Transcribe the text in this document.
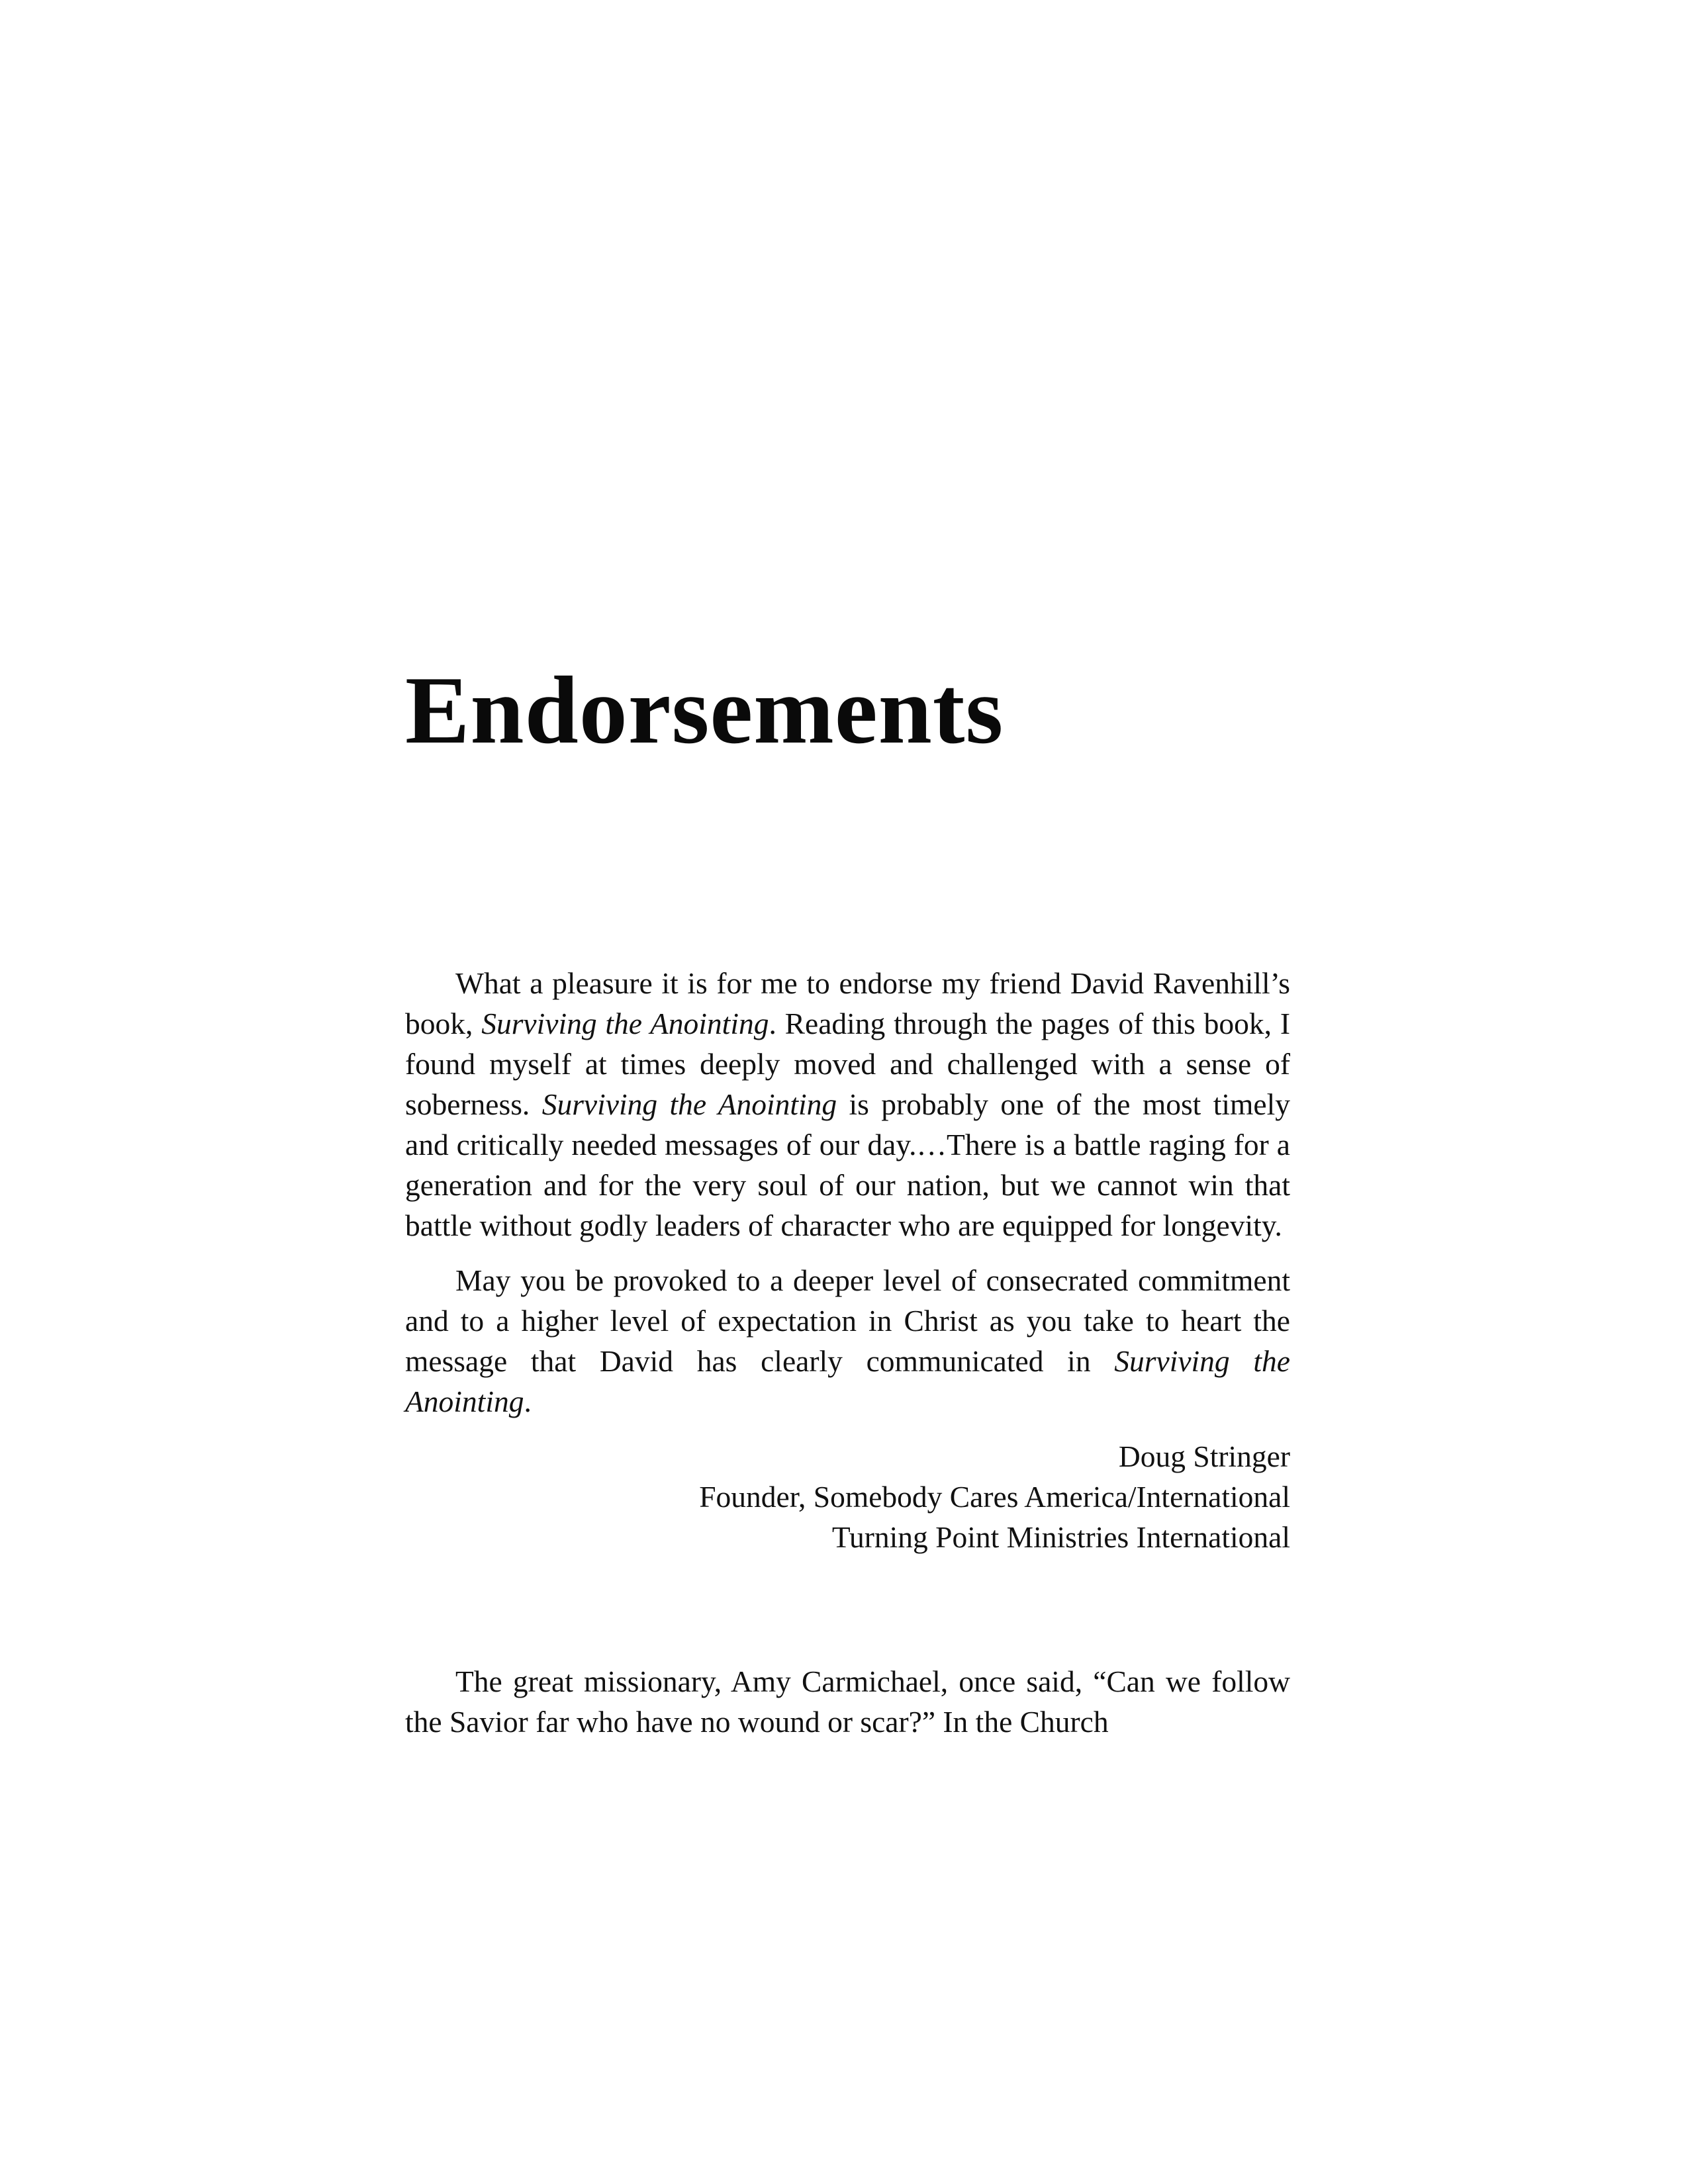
Endorsements

What a pleasure it is for me to endorse my friend David Ravenhill’s book, Surviving the Anointing. Reading through the pages of this book, I found myself at times deeply moved and challenged with a sense of soberness. Surviving the Anointing is probably one of the most timely and critically needed messages of our day.…There is a battle raging for a generation and for the very soul of our nation, but we cannot win that battle without godly leaders of character who are equipped for longevity.

May you be provoked to a deeper level of consecrated commitment and to a higher level of expectation in Christ as you take to heart the message that David has clearly communicated in Surviving the Anointing.

Doug Stringer
Founder, Somebody Cares America/International
Turning Point Ministries International

The great missionary, Amy Carmichael, once said, “Can we follow the Savior far who have no wound or scar?” In the Church
